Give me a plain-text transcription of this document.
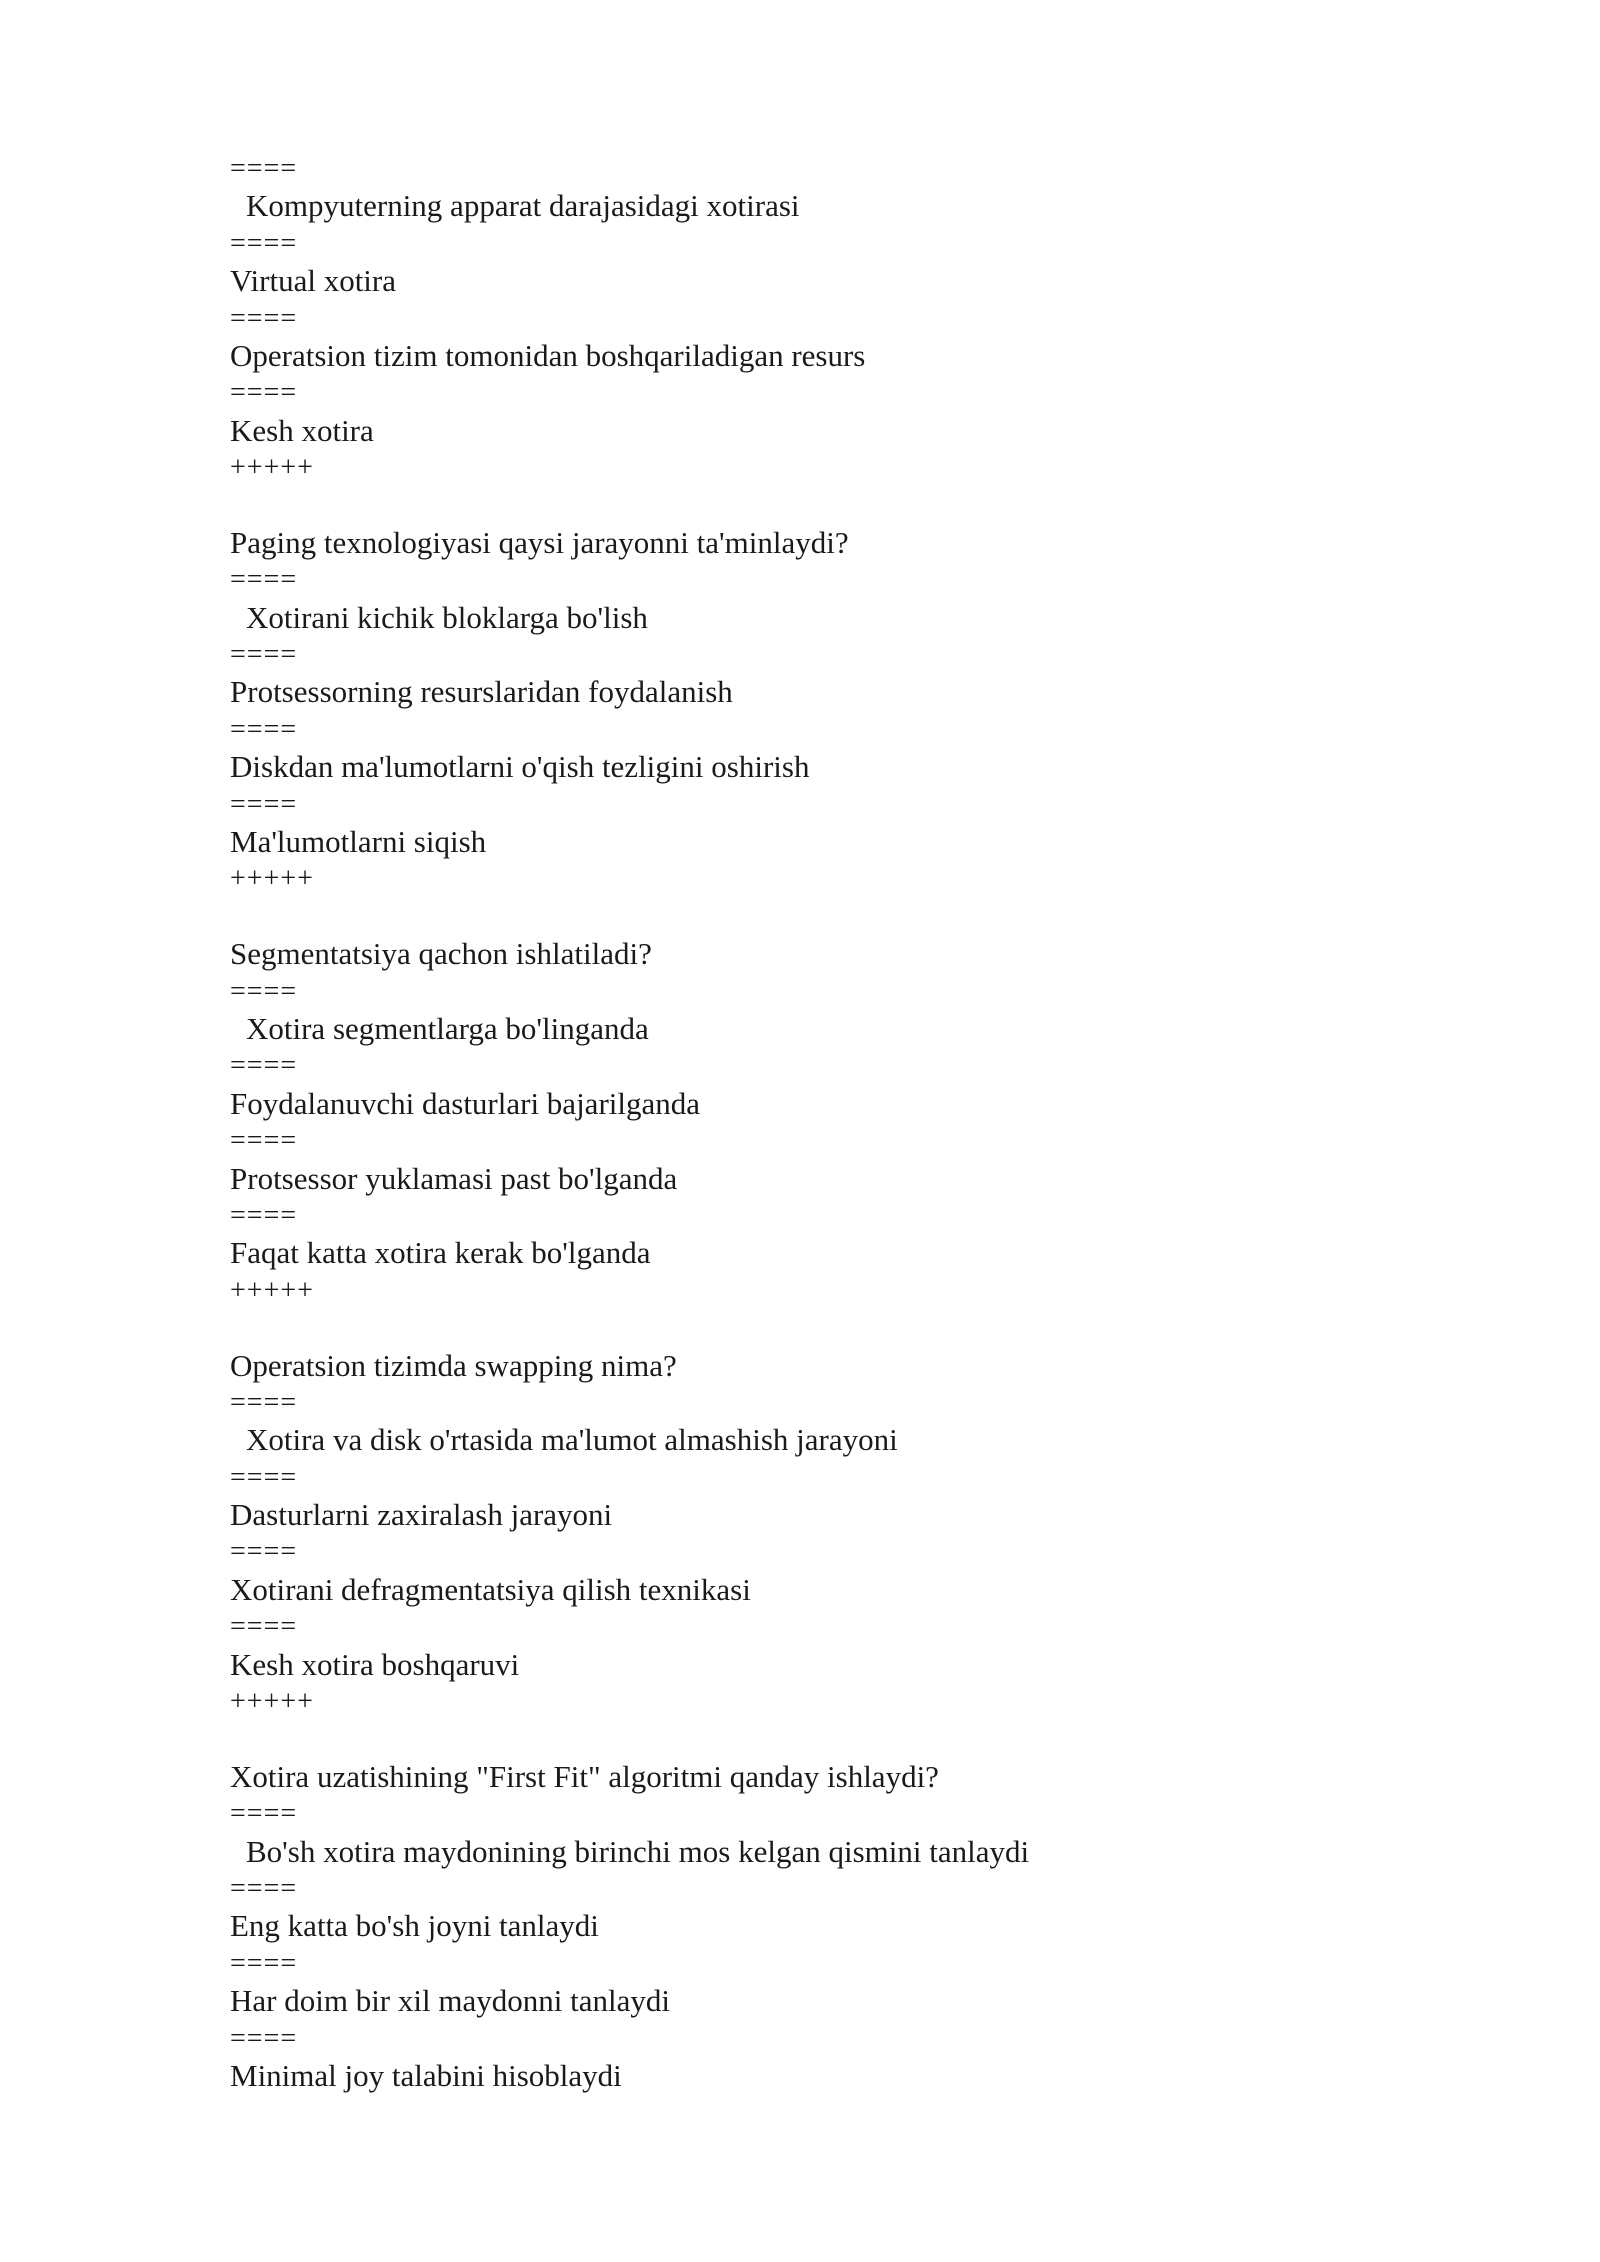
====
Kompyuterning apparat darajasidagi xotirasi
====
Virtual xotira
====
Operatsion tizim tomonidan boshqariladigan resurs
====
Kesh xotira
+++++
Paging texnologiyasi qaysi jarayonni ta'minlaydi?
====
Xotirani kichik bloklarga bo'lish
====
Protsessorning resurslaridan foydalanish
====
Diskdan ma'lumotlarni o'qish tezligini oshirish
====
Ma'lumotlarni siqish
+++++
Segmentatsiya qachon ishlatiladi?
====
Xotira segmentlarga bo'linganda
====
Foydalanuvchi dasturlari bajarilganda
====
Protsessor yuklamasi past bo'lganda
====
Faqat katta xotira kerak bo'lganda
+++++
Operatsion tizimda swapping nima?
====
Xotira va disk o'rtasida ma'lumot almashish jarayoni
====
Dasturlarni zaxiralash jarayoni
====
Xotirani defragmentatsiya qilish texnikasi
====
Kesh xotira boshqaruvi
+++++
Xotira uzatishining "First Fit" algoritmi qanday ishlaydi?
====
Bo'sh xotira maydonining birinchi mos kelgan qismini tanlaydi
====
Eng katta bo'sh joyni tanlaydi
====
Har doim bir xil maydonni tanlaydi
====
Minimal joy talabini hisoblaydi
